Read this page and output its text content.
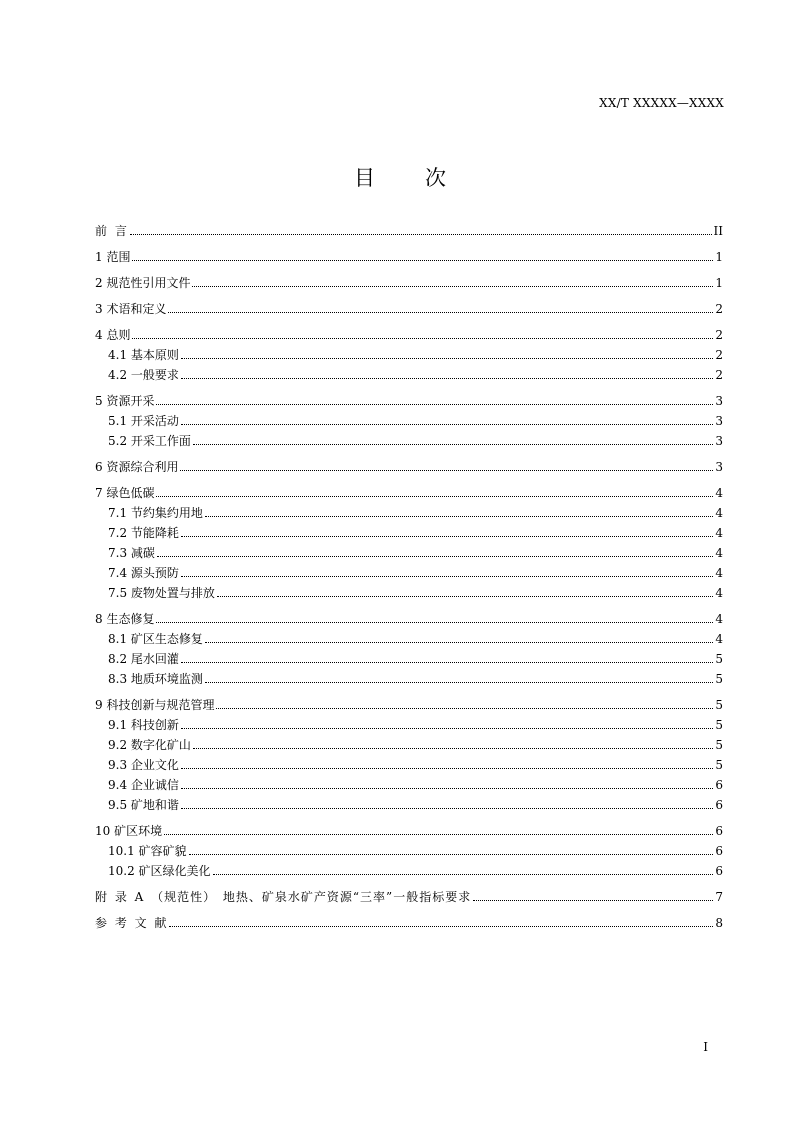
XX/T XXXXX—XXXX
目次
前 言	II
1 范围	1
2 规范性引用文件	1
3 术语和定义	2
4 总则	2
4.1 基本原则	2
4.2 一般要求	2
5 资源开采	3
5.1 开采活动	3
5.2 开采工作面	3
6 资源综合利用	3
7 绿色低碳	4
7.1 节约集约用地	4
7.2 节能降耗	4
7.3 减碳	4
7.4 源头预防	4
7.5 废物处置与排放	4
8 生态修复	4
8.1 矿区生态修复	4
8.2 尾水回灌	5
8.3 地质环境监测	5
9 科技创新与规范管理	5
9.1 科技创新	5
9.2 数字化矿山	5
9.3 企业文化	5
9.4 企业诚信	6
9.5 矿地和谐	6
10 矿区环境	6
10.1 矿容矿貌	6
10.2 矿区绿化美化	6
附 录 A （规范性） 地热、矿泉水矿产资源“三率”一般指标要求	7
参 考 文 献	8
I
